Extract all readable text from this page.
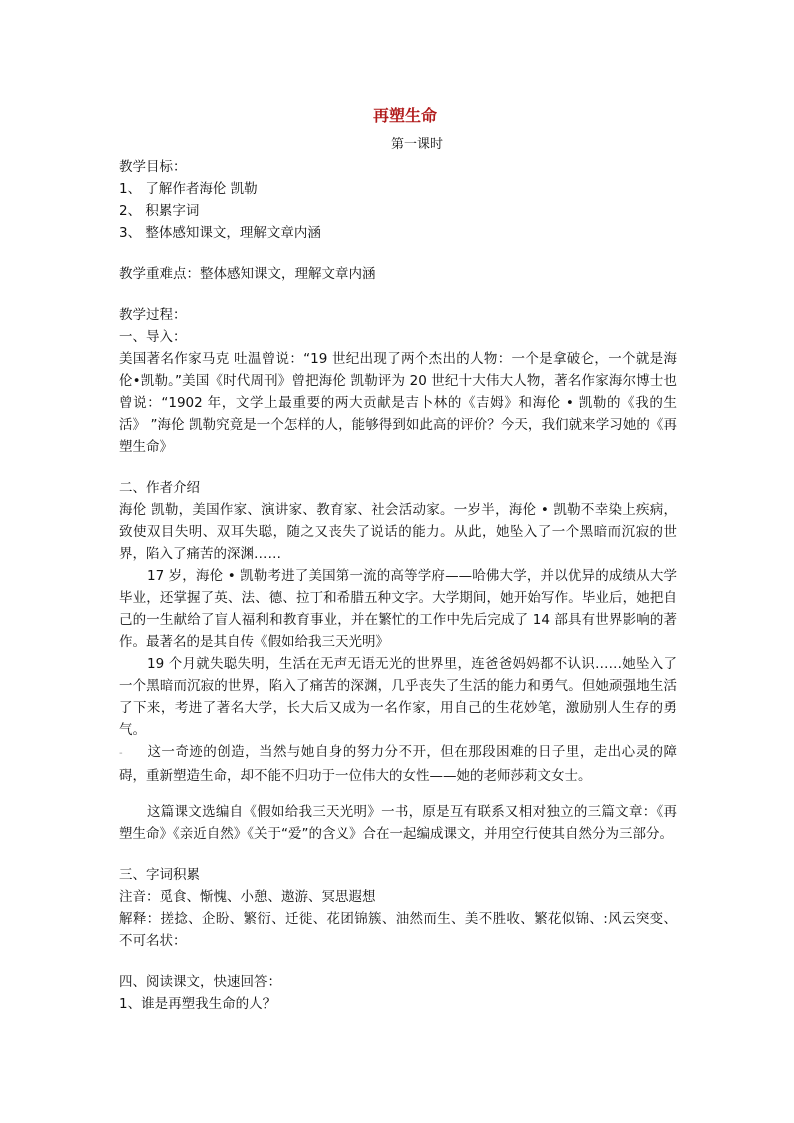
再塑生命

第一课时

教学目标：

1、 了解作者海伦 凯勒

2、 积累字词

3、 整体感知课文，理解文章内涵

教学重难点：整体感知课文，理解文章内涵

教学过程：

一、导入：

美国著名作家马克 吐温曾说：“19 世纪出现了两个杰出的人物：一个是拿破仑，一个就是海伦•凯勒。”美国《时代周刊》曾把海伦 凯勒评为 20 世纪十大伟大人物，著名作家海尔博士也曾说：“1902 年，文学上最重要的两大贡献是吉卜林的《吉姆》和海伦 • 凯勒的《我的生活》 ”海伦 凯勒究竟是一个怎样的人，能够得到如此高的评价？今天，我们就来学习她的《再塑生命》

二、作者介绍

海伦 凯勒，美国作家、演讲家、教育家、社会活动家。一岁半，海伦 • 凯勒不幸染上疾病，致使双目失明、双耳失聪，随之又丧失了说话的能力。从此，她坠入了一个黑暗而沉寂的世界，陷入了痛苦的深渊……

17 岁，海伦 • 凯勒考进了美国第一流的高等学府——哈佛大学，并以优异的成绩从大学毕业，还掌握了英、法、德、拉丁和希腊五种文字。大学期间，她开始写作。毕业后，她把自己的一生献给了盲人福利和教育事业，并在繁忙的工作中先后完成了 14 部具有世界影响的著作。最著名的是其自传《假如给我三天光明》

19 个月就失聪失明，生活在无声无语无光的世界里，连爸爸妈妈都不认识……她坠入了一个黑暗而沉寂的世界，陷入了痛苦的深渊，几乎丧失了生活的能力和勇气。但她顽强地生活了下来，考进了著名大学，长大后又成为一名作家，用自己的生花妙笔，激励别人生存的勇气。

- 这一奇迹的创造，当然与她自身的努力分不开，但在那段困难的日子里，走出心灵的障碍，重新塑造生命，却不能不归功于一位伟大的女性——她的老师莎莉文女士。

这篇课文选编自《假如给我三天光明》一书，原是互有联系又相对独立的三篇文章：《再塑生命》《亲近自然》《关于“爱”的含义》合在一起编成课文，并用空行使其自然分为三部分。

三、字词积累

注音：觅食、惭愧、小憩、遨游、冥思遐想

解释：搓捻、企盼、繁衍、迁徙、花团锦簇、油然而生、美不胜收、繁花似锦、:风云突变、不可名状：

四、阅读课文，快速回答：

1、谁是再塑我生命的人？
